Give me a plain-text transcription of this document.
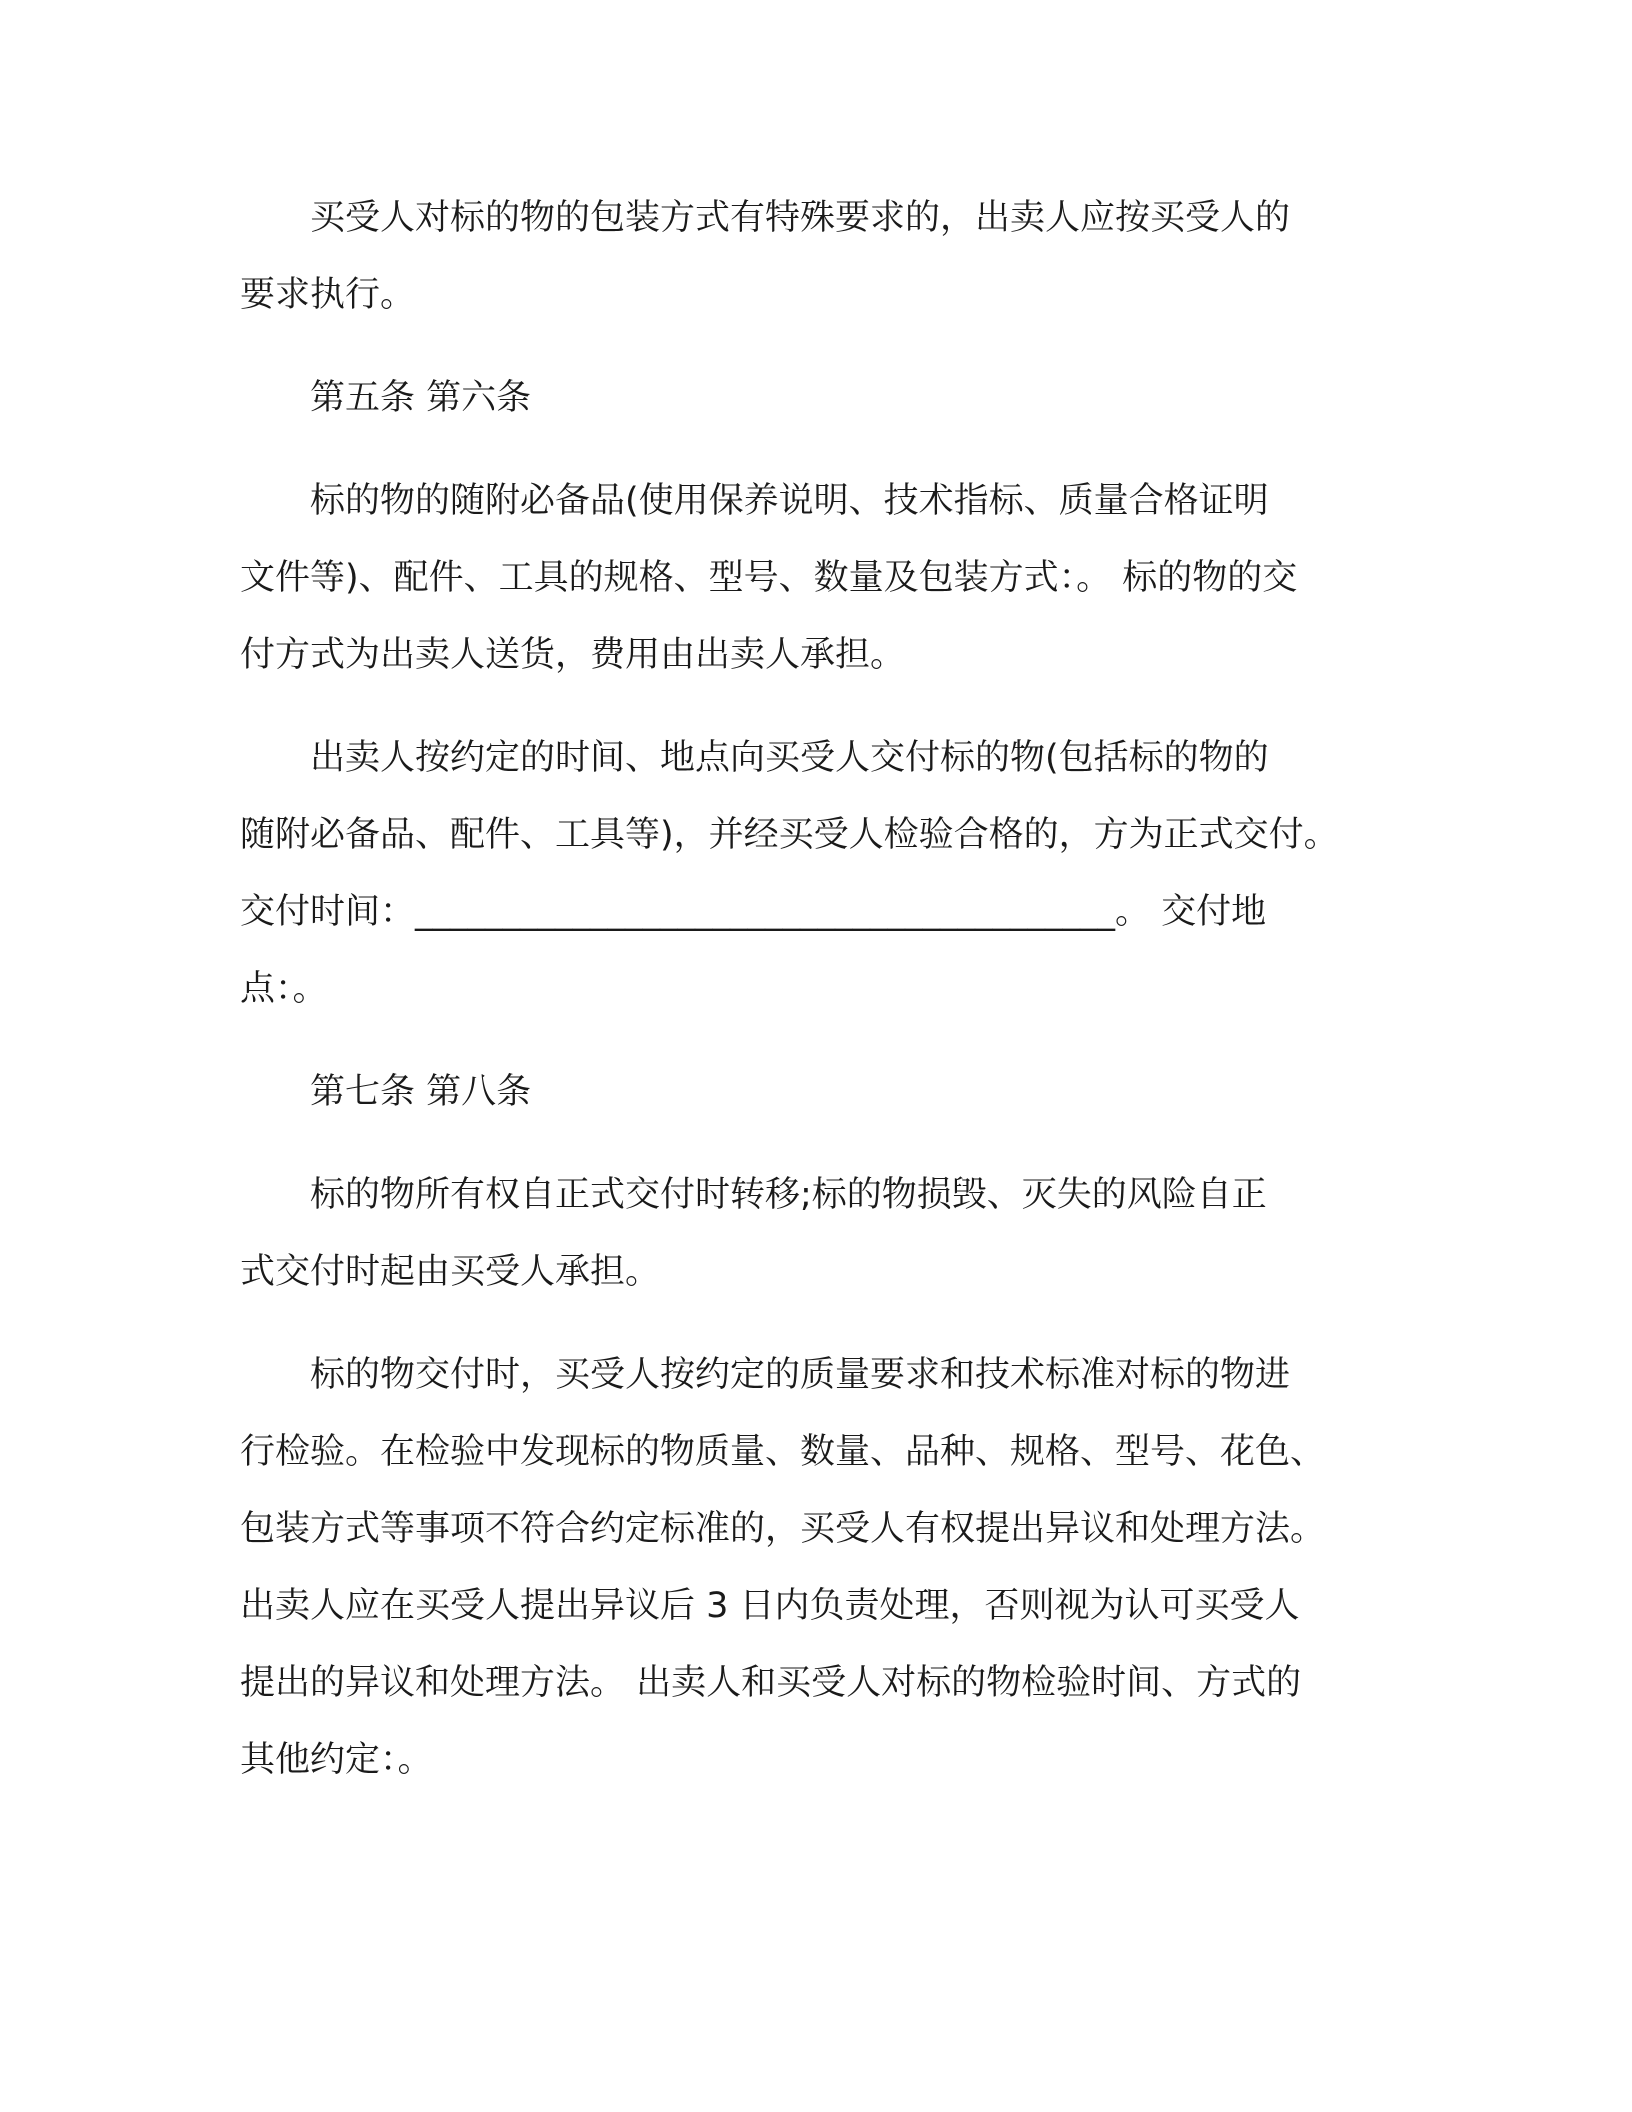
买受人对标的物的包装方式有特殊要求的，出卖人应按买受人的
要求执行。
第五条 第六条
标的物的随附必备品(使用保养说明、技术指标、质量合格证明
文件等)、配件、工具的规格、型号、数量及包装方式：。 标的物的交
付方式为出卖人送货，费用由出卖人承担。
出卖人按约定的时间、地点向买受人交付标的物(包括标的物的
随附必备品、配件、工具等)，并经买受人检验合格的，方为正式交付。
交付时间：________________________________________。 交付地
点：。
第七条 第八条
标的物所有权自正式交付时转移;标的物损毁、灭失的风险自正
式交付时起由买受人承担。
标的物交付时，买受人按约定的质量要求和技术标准对标的物进
行检验。在检验中发现标的物质量、数量、品种、规格、型号、花色、
包装方式等事项不符合约定标准的，买受人有权提出异议和处理方法。
出卖人应在买受人提出异议后 3 日内负责处理，否则视为认可买受人
提出的异议和处理方法。 出卖人和买受人对标的物检验时间、方式的
其他约定：。
